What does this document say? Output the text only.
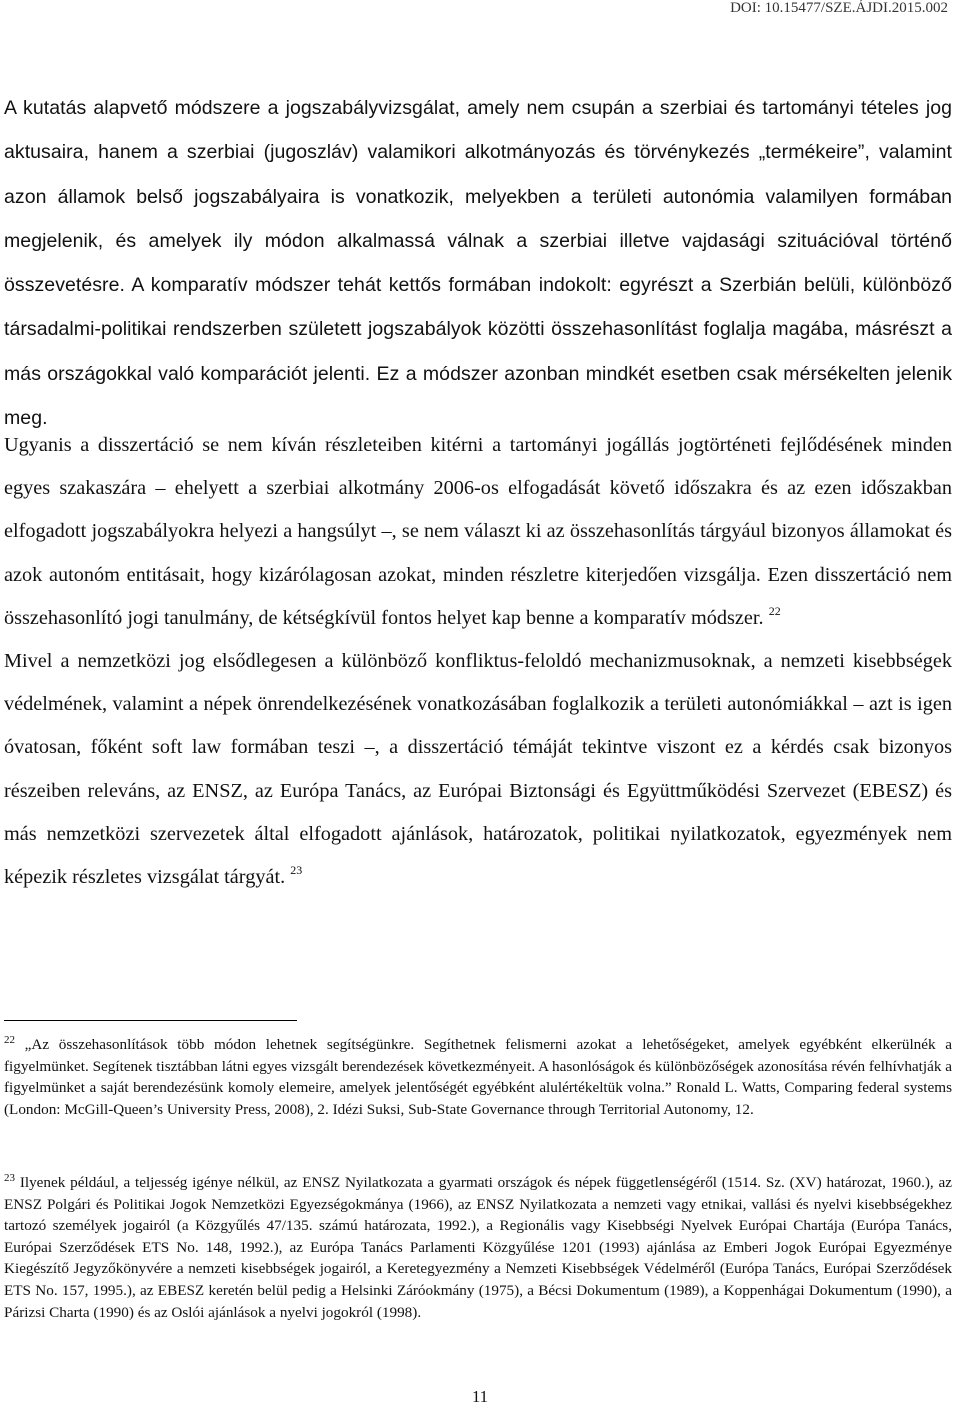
DOI: 10.15477/SZE.ÁJDI.2015.002

A kutatás alapvető módszere a jogszabályvizsgálat, amely nem csupán a szerbiai és tartományi tételes jog aktusaira, hanem a szerbiai (jugoszláv) valamikori alkotmányozás és törvénykezés „termékeire”, valamint azon államok belső jogszabályaira is vonatkozik, melyekben a területi autonómia valamilyen formában megjelenik, és amelyek ily módon alkalmassá válnak a szerbiai illetve vajdasági szituációval történő összevetésre. A komparatív módszer tehát kettős formában indokolt: egyrészt a Szerbián belüli, különböző társadalmi-politikai rendszerben született jogszabályok közötti összehasonlítást foglalja magába, másrészt a más országokkal való komparációt jelenti. Ez a módszer azonban mindkét esetben csak mérsékelten jelenik meg.

Ugyanis a disszertáció se nem kíván részleteiben kitérni a tartományi jogállás jogtörténeti fejlődésének minden egyes szakaszára – ehelyett a szerbiai alkotmány 2006-os elfogadását követő időszakra és az ezen időszakban elfogadott jogszabályokra helyezi a hangsúlyt –, se nem választ ki az összehasonlítás tárgyául bizonyos államokat és azok autonóm entitásait, hogy kizárólagosan azokat, minden részletre kiterjedően vizsgálja. Ezen disszertáció nem összehasonlító jogi tanulmány, de kétségkívül fontos helyet kap benne a komparatív módszer. $^{22}$
Mivel a nemzetközi jog elsődlegesen a különböző konfliktus-feloldó mechanizmusoknak, a nemzeti kisebbségek védelmének, valamint a népek önrendelkezésének vonatkozásában foglalkozik a területi autonómiákkal – azt is igen óvatosan, főként soft law formában teszi –, a disszertáció témáját tekintve viszont ez a kérdés csak bizonyos részeiben releváns, az ENSZ, az Európa Tanács, az Európai Biztonsági és Együttműködési Szervezet (EBESZ) és más nemzetközi szervezetek által elfogadott ajánlások, határozatok, politikai nyilatkozatok, egyezmények nem képezik részletes vizsgálat tárgyát. $^{23}$

$^{22}$ „Az összehasonlítások több módon lehetnek segítségünkre. Segíthetnek felismerni azokat a lehetőségeket, amelyek egyébként elkerülnék a figyelmünket. Segítenek tisztábban látni egyes vizsgált berendezések következményeit. A hasonlóságok és különbözőségek azonosítása révén felhívhatják a figyelmünket a saját berendezésünk komoly elemeire, amelyek jelentőségét egyébként alulértékeltük volna.” Ronald L. Watts, Comparing federal systems (London: McGill-Queen’s University Press, 2008), 2. Idézi Suksi, Sub-State Governance through Territorial Autonomy, 12.

$^{23}$ Ilyenek például, a teljesség igénye nélkül, az ENSZ Nyilatkozata a gyarmati országok és népek függetlenségéről (1514. Sz. (XV) határozat, 1960.), az ENSZ Polgári és Politikai Jogok Nemzetközi Egyezségokmánya (1966), az ENSZ Nyilatkozata a nemzeti vagy etnikai, vallási és nyelvi kisebbségekhez tartozó személyek jogairól (a Közgyűlés 47/135. számú határozata, 1992.), a Regionális vagy Kisebbségi Nyelvek Európai Chartája (Európa Tanács, Európai Szerződések ETS No. 148, 1992.), az Európa Tanács Parlamenti Közgyűlése 1201 (1993) ajánlása az Emberi Jogok Európai Egyezménye Kiegészítő Jegyzőkönyvére a nemzeti kisebbségek jogairól, a Keretegyezmény a Nemzeti Kisebbségek Védelméről (Európa Tanács, Európai Szerződések ETS No. 157, 1995.), az EBESZ keretén belül pedig a Helsinki Záróokmány (1975), a Bécsi Dokumentum (1989), a Koppenhágai Dokumentum (1990), a Párizsi Charta (1990) és az Oslói ajánlások a nyelvi jogokról (1998).

11
